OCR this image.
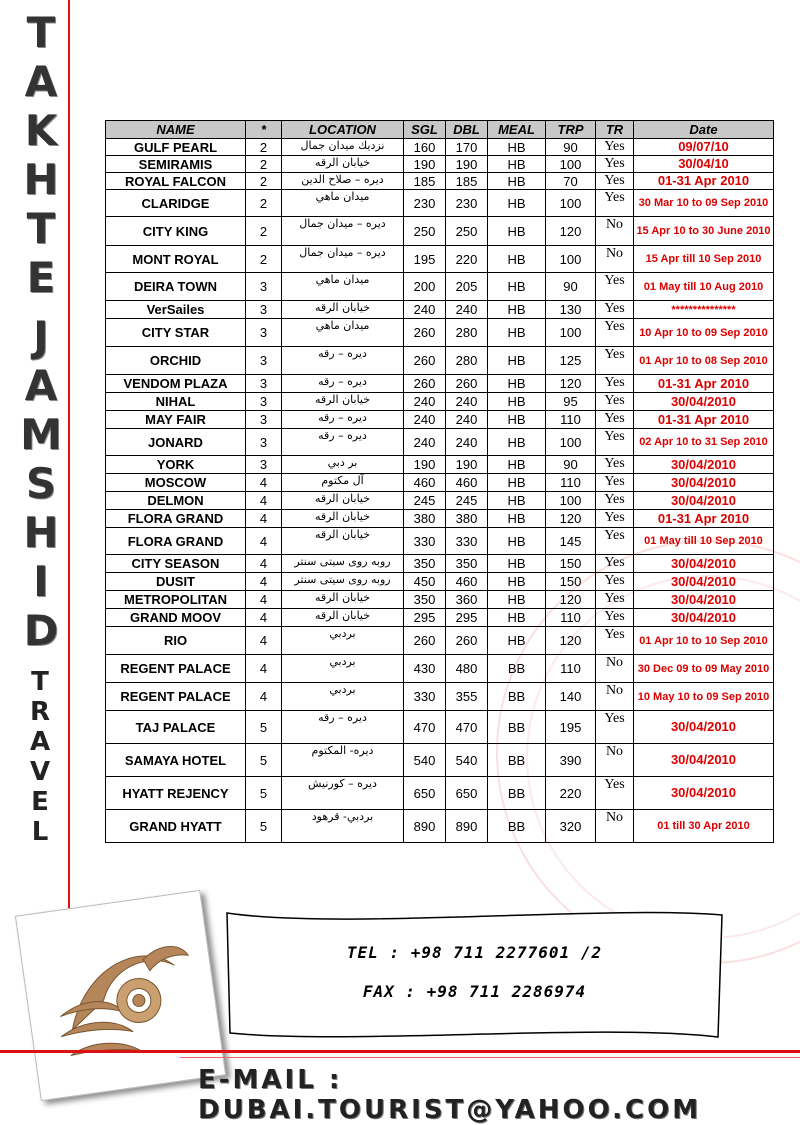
T
A
K
H
T
E
J
A
M
S
H
I
D
T
R
A
V
E
L
NAME	*	LOCATION	SGL	DBL	MEAL	TRP	TR	Date
GULF PEARL	2	نزديك ميدان جمال	160	170	HB	90	Yes	09/07/10
SEMIRAMIS	2	خيابان الرقه	190	190	HB	100	Yes	30/04/10
ROYAL FALCON	2	ديره – صلاح الدين	185	185	HB	70	Yes	01-31 Apr 2010
CLARIDGE	2	ميدان ماهي	230	230	HB	100	Yes	30 Mar 10 to 09 Sep 2010
CITY KING	2	ديره – ميدان جمال	250	250	HB	120	No	15 Apr 10 to 30 June 2010
MONT ROYAL	2	ديره – ميدان جمال	195	220	HB	100	No	15 Apr till 10 Sep 2010
DEIRA TOWN	3	ميدان ماهي	200	205	HB	90	Yes	01 May till 10 Aug 2010
VerSailes	3	خيابان الرقه	240	240	HB	130	Yes	***************
CITY STAR	3	ميدان ماهي	260	280	HB	100	Yes	10 Apr 10 to 09 Sep 2010
ORCHID	3	ديره – رقه	260	280	HB	125	Yes	01 Apr 10 to 08 Sep 2010
VENDOM PLAZA	3	ديره – رقه	260	260	HB	120	Yes	01-31 Apr 2010
NIHAL	3	خيابان الرقه	240	240	HB	95	Yes	30/04/2010
MAY FAIR	3	ديره – رقه	240	240	HB	110	Yes	01-31 Apr 2010
JONARD	3	ديره – رقه	240	240	HB	100	Yes	02 Apr 10 to 31 Sep 2010
YORK	3	بر دبي	190	190	HB	90	Yes	30/04/2010
MOSCOW	4	آل مكتوم	460	460	HB	110	Yes	30/04/2010
DELMON	4	خيابان الرقه	245	245	HB	100	Yes	30/04/2010
FLORA GRAND	4	خيابان الرقه	380	380	HB	120	Yes	01-31 Apr 2010
FLORA GRAND	4	خيابان الرقه	330	330	HB	145	Yes	01 May till 10 Sep 2010
CITY SEASON	4	روبه روى سيتى سنتر	350	350	HB	150	Yes	30/04/2010
DUSIT	4	روبه روى سيتى سنتر	450	460	HB	150	Yes	30/04/2010
METROPOLITAN	4	خيابان الرقه	350	360	HB	120	Yes	30/04/2010
GRAND MOOV	4	خيابان الرقه	295	295	HB	110	Yes	30/04/2010
RIO	4	بردبي	260	260	HB	120	Yes	01 Apr 10 to 10 Sep 2010
REGENT PALACE	4	بردبي	430	480	BB	110	No	30 Dec 09 to 09 May 2010
REGENT PALACE	4	بردبي	330	355	BB	140	No	10 May 10 to 09 Sep 2010
TAJ PALACE	5	ديره – رقه	470	470	BB	195	Yes	30/04/2010
SAMAYA HOTEL	5	ديره- المكتوم	540	540	BB	390	No	30/04/2010
HYATT REJENCY	5	ديره – كورنيش	650	650	BB	220	Yes	30/04/2010
GRAND HYATT	5	بردبي- قرهود	890	890	BB	320	No	01 till 30 Apr 2010
TEL : +98 711 2277601 /2
FAX : +98 711 2286974
E-MAIL : DUBAI.TOURIST@YAHOO.COM
